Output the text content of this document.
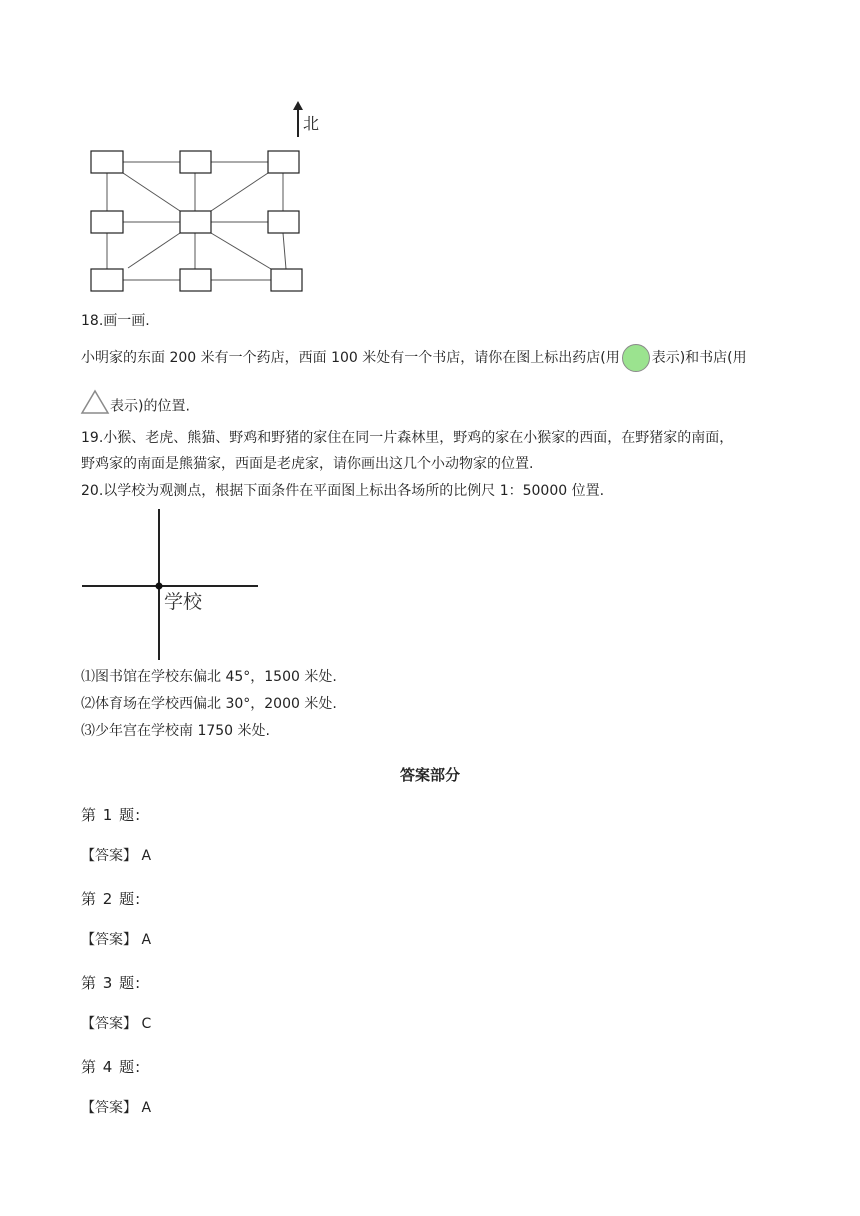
北
18.画一画.
小明家的东面 200 米有一个药店，西面 100 米处有一个书店，请你在图上标出药店(用 表示)和书店(用
表示)的位置.
19.小猴、老虎、熊猫、野鸡和野猪的家住在同一片森林里，野鸡的家在小猴家的西面，在野猪家的南面，
野鸡家的南面是熊猫家，西面是老虎家，请你画出这几个小动物家的位置.
20.以学校为观测点，根据下面条件在平面图上标出各场所的比例尺 1：50000 位置.
学校
⑴图书馆在学校东偏北 45°，1500 米处.
⑵体育场在学校西偏北 30°，2000 米处.
⑶少年宫在学校南 1750 米处.
答案部分
第 1 题:
【答案】 A
第 2 题:
【答案】 A
第 3 题:
【答案】 C
第 4 题:
【答案】 A
